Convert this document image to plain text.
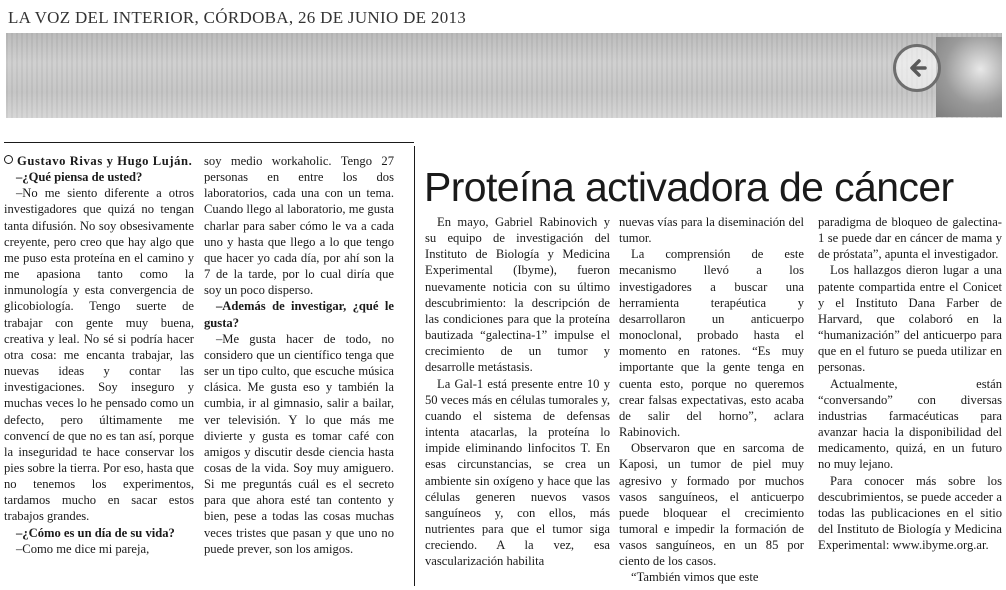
LA VOZ DEL INTERIOR, CÓRDOBA, 26 DE JUNIO DE 2013

Gustavo Rivas y Hugo Luján.

–¿Qué piensa de usted?

–No me siento diferente a otros investigadores que quizá no tengan tanta difusión. No soy obsesivamente creyente, pero creo que hay algo que me puso esta proteína en el camino y me apasiona tanto como la inmunología y esta convergencia de glicobiología. Tengo suerte de trabajar con gente muy buena, creativa y leal. No sé si podría hacer otra cosa: me encanta trabajar, las nuevas ideas y contar las investigaciones. Soy inseguro y muchas veces lo he pensado como un defecto, pero últimamente me convencí de que no es tan así, porque la inseguridad te hace conservar los pies sobre la tierra. Por eso, hasta que no tenemos los experimentos, tardamos mucho en sacar estos trabajos grandes.

–¿Cómo es un día de su vida?

–Como me dice mi pareja,

soy medio workaholic. Tengo 27 personas en entre los dos laboratorios, cada una con un tema. Cuando llego al laboratorio, me gusta charlar para saber cómo le va a cada uno y hasta que llego a lo que tengo que hacer yo cada día, por ahí son la 7 de la tarde, por lo cual diría que soy un poco disperso.

–Además de investigar, ¿qué le gusta?

–Me gusta hacer de todo, no considero que un científico tenga que ser un tipo culto, que escuche música clásica. Me gusta eso y también la cumbia, ir al gimnasio, salir a bailar, ver televisión. Y lo que más me divierte y gusta es tomar café con amigos y discutir desde ciencia hasta cosas de la vida. Soy muy amiguero. Si me preguntás cuál es el secreto para que ahora esté tan contento y bien, pese a todas las cosas muchas veces tristes que pasan y que uno no puede prever, son los amigos.

Proteína activadora de cáncer

En mayo, Gabriel Rabinovich y su equipo de investigación del Instituto de Biología y Medicina Experimental (Ibyme), fueron nuevamente noticia con su último descubrimiento: la descripción de las condiciones para que la proteína bautizada “galectina-1” impulse el crecimiento de un tumor y desarrolle metástasis.

La Gal-1 está presente entre 10 y 50 veces más en células tumorales y, cuando el sistema de defensas intenta atacarlas, la proteína lo impide eliminando linfocitos T. En esas circunstancias, se crea un ambiente sin oxígeno y hace que las células generen nuevos vasos sanguíneos y, con ellos, más nutrientes para que el tumor siga creciendo. A la vez, esa vascularización habilita

nuevas vías para la diseminación del tumor.

La comprensión de este mecanismo llevó a los investigadores a buscar una herramienta terapéutica y desarrollaron un anticuerpo monoclonal, probado hasta el momento en ratones. “Es muy importante que la gente tenga en cuenta esto, porque no queremos crear falsas expectativas, esto acaba de salir del horno”, aclara Rabinovich.

Observaron que en sarcoma de Kaposi, un tumor de piel muy agresivo y formado por muchos vasos sanguíneos, el anticuerpo puede bloquear el crecimiento tumoral e impedir la formación de vasos sanguíneos, en un 85 por ciento de los casos.

“También vimos que este

paradigma de bloqueo de galectina-1 se puede dar en cáncer de mama y de próstata”, apunta el investigador.

Los hallazgos dieron lugar a una patente compartida entre el Conicet y el Instituto Dana Farber de Harvard, que colaboró en la “humanización” del anticuerpo para que en el futuro se pueda utilizar en personas.

Actualmente, están “conversando” con diversas industrias farmacéuticas para avanzar hacia la disponibilidad del medicamento, quizá, en un futuro no muy lejano.

Para conocer más sobre los descubrimientos, se puede acceder a todas las publicaciones en el sitio del Instituto de Biología y Medicina Experimental: www.ibyme.org.ar.
